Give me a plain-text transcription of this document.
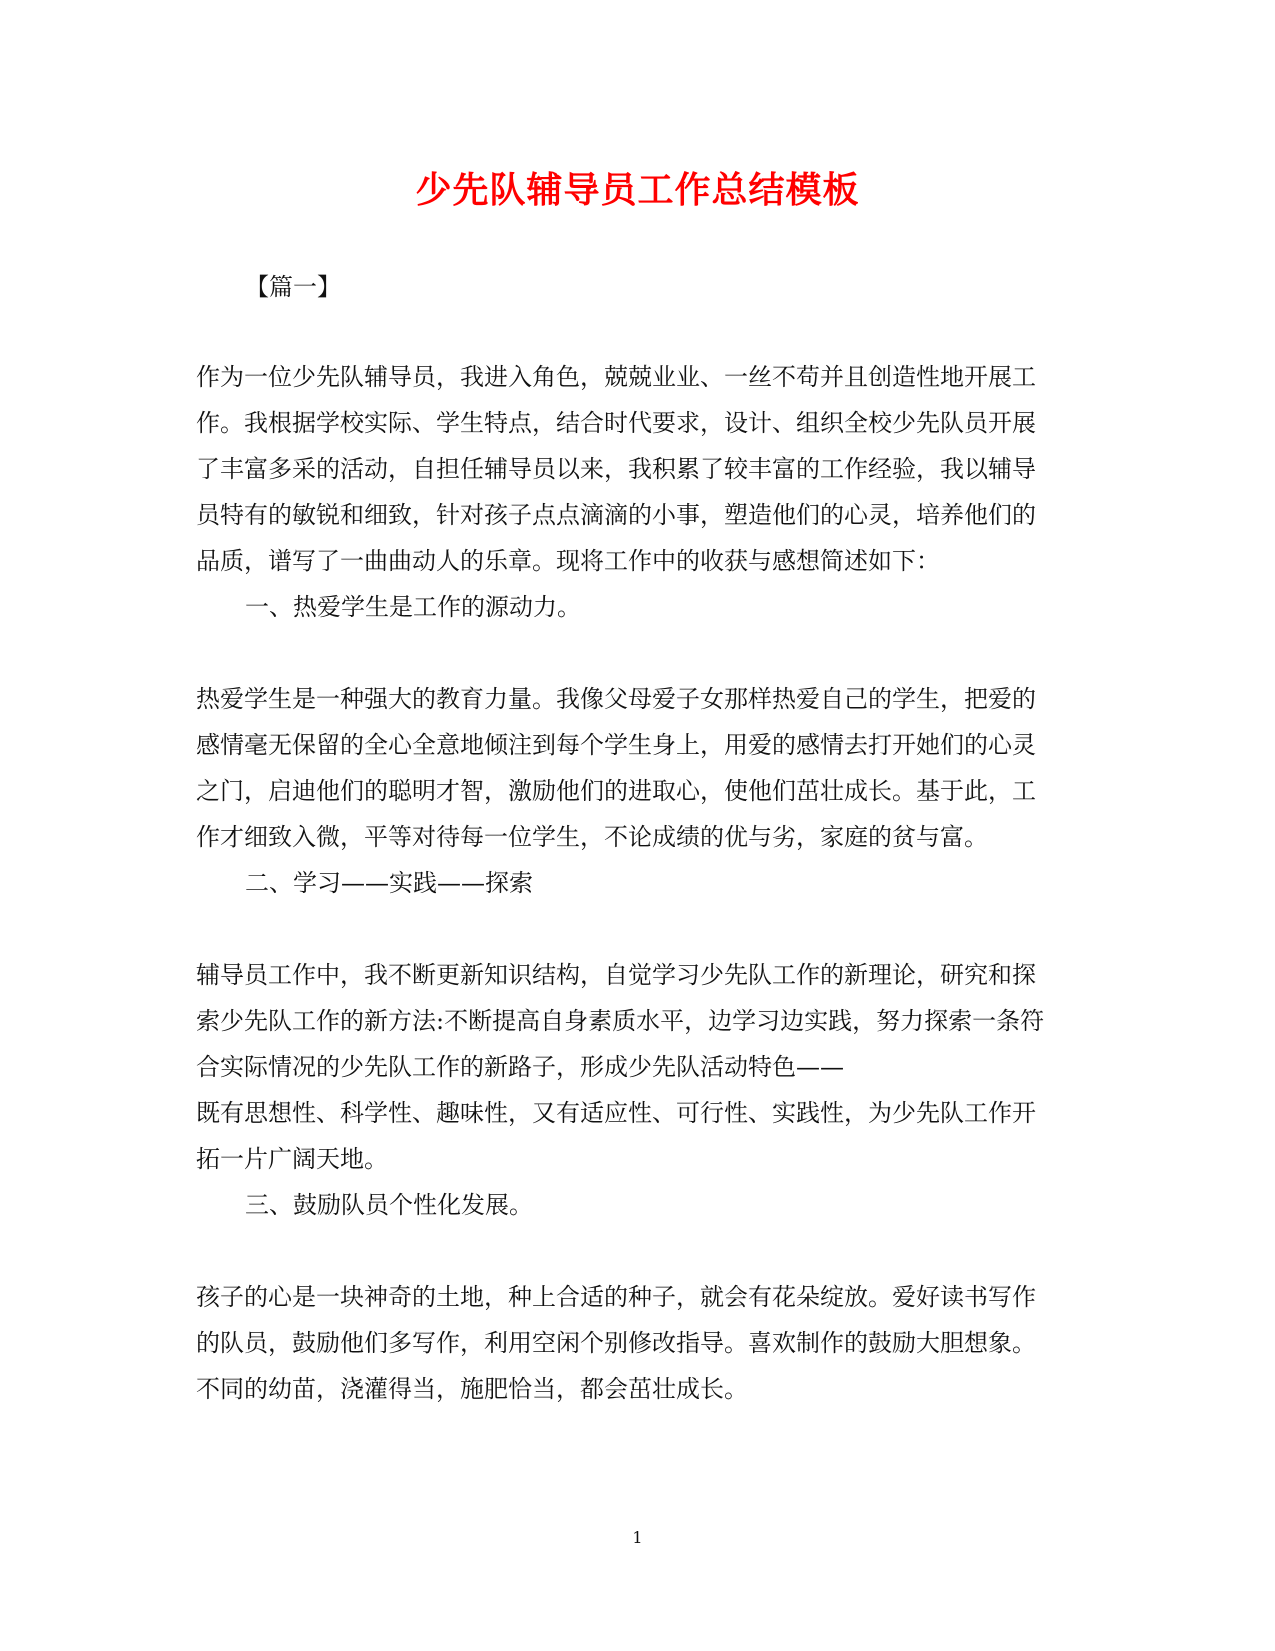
少先队辅导员工作总结模板
【篇一】
作为一位少先队辅导员，我进入角色，兢兢业业、一丝不苟并且创造性地开展工
作。我根据学校实际、学生特点，结合时代要求，设计、组织全校少先队员开展
了丰富多采的活动，自担任辅导员以来，我积累了较丰富的工作经验，我以辅导
员特有的敏锐和细致，针对孩子点点滴滴的小事，塑造他们的心灵，培养他们的
品质，谱写了一曲曲动人的乐章。现将工作中的收获与感想简述如下：
一、热爱学生是工作的源动力。
热爱学生是一种强大的教育力量。我像父母爱子女那样热爱自己的学生，把爱的
感情毫无保留的全心全意地倾注到每个学生身上，用爱的感情去打开她们的心灵
之门，启迪他们的聪明才智，激励他们的进取心，使他们茁壮成长。基于此，工
作才细致入微，平等对待每一位学生，不论成绩的优与劣，家庭的贫与富。
二、学习——实践——探索
辅导员工作中，我不断更新知识结构，自觉学习少先队工作的新理论，研究和探
索少先队工作的新方法:不断提高自身素质水平，边学习边实践，努力探索一条符
合实际情况的少先队工作的新路子，形成少先队活动特色——
既有思想性、科学性、趣味性，又有适应性、可行性、实践性，为少先队工作开
拓一片广阔天地。
三、鼓励队员个性化发展。
孩子的心是一块神奇的土地，种上合适的种子，就会有花朵绽放。爱好读书写作
的队员，鼓励他们多写作，利用空闲个别修改指导。喜欢制作的鼓励大胆想象。
不同的幼苗，浇灌得当，施肥恰当，都会茁壮成长。
1
